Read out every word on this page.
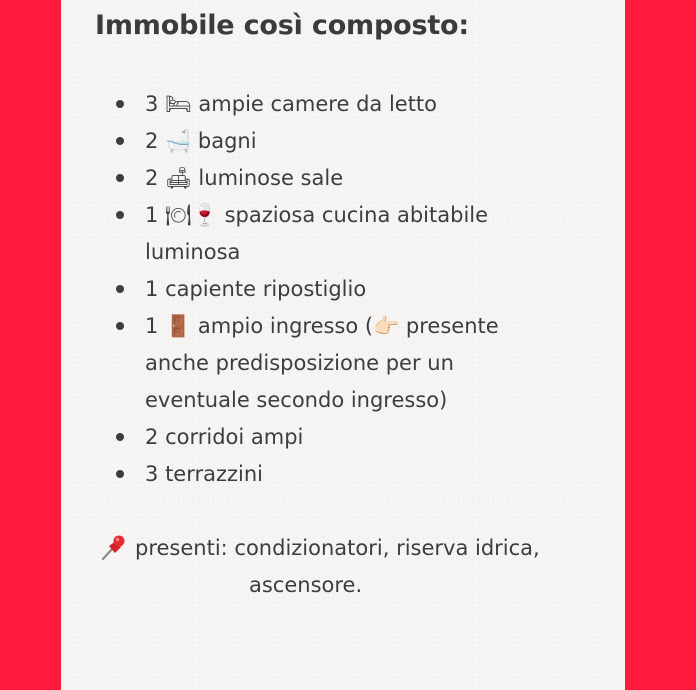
Immobile così composto:
3 🛏 ampie camere da letto
2 🛁 bagni
2 🛋 luminose sale
1 🍽🍷 spaziosa cucina abitabile luminosa
1 capiente ripostiglio
1 🚪 ampio ingresso (👉🏻 presente anche predisposizione per un eventuale secondo ingresso)
2 corridoi ampi
3 terrazzini
presenti: condizionatori, riserva idrica,
ascensore.
